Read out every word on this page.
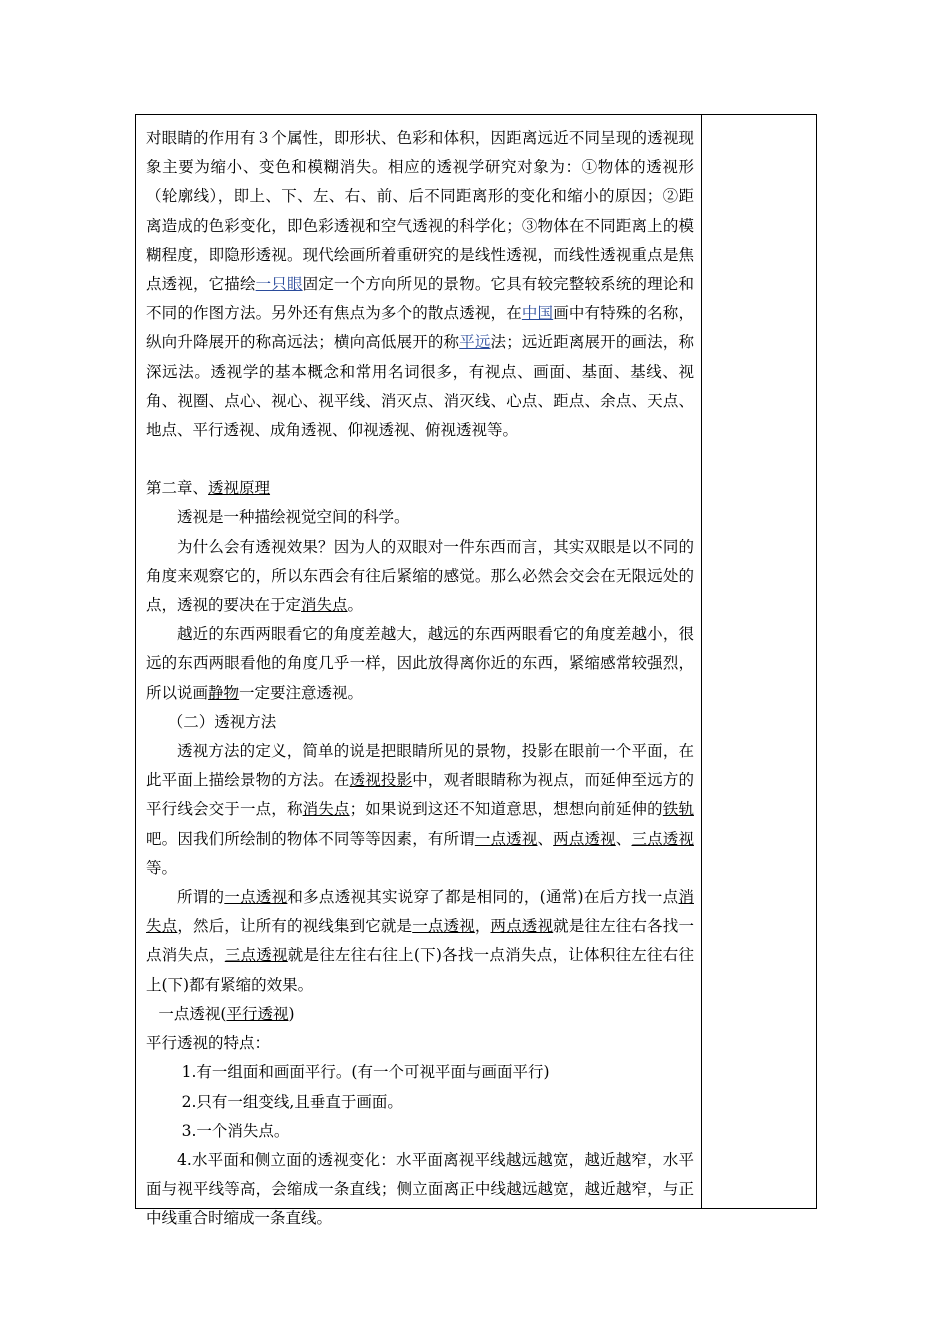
对眼睛的作用有３个属性，即形状、色彩和体积，因距离远近不同呈现的透视现象主要为缩小、变色和模糊消失。相应的透视学研究对象为：①物体的透视形（轮廓线），即上、下、左、右、前、后不同距离形的变化和缩小的原因；②距离造成的色彩变化，即色彩透视和空气透视的科学化；③物体在不同距离上的模糊程度，即隐形透视。现代绘画所着重研究的是线性透视，而线性透视重点是焦点透视，它描绘一只眼固定一个方向所见的景物。它具有较完整较系统的理论和不同的作图方法。另外还有焦点为多个的散点透视，在中国画中有特殊的名称，纵向升降展开的称高远法；横向高低展开的称平远法；远近距离展开的画法，称深远法。透视学的基本概念和常用名词很多，有视点、画面、基面、基线、视角、视圈、点心、视心、视平线、消灭点、消灭线、心点、距点、余点、天点、地点、平行透视、成角透视、仰视透视、俯视透视等。

第二章、透视原理

透视是一种描绘视觉空间的科学。

为什么会有透视效果？因为人的双眼对一件东西而言，其实双眼是以不同的角度来观察它的，所以东西会有往后紧缩的感觉。那么必然会交会在无限远处的点，透视的要决在于定消失点。

越近的东西两眼看它的角度差越大，越远的东西两眼看它的角度差越小，很远的东西两眼看他的角度几乎一样，因此放得离你近的东西，紧缩感常较强烈，所以说画静物一定要注意透视。

（二）透视方法

透视方法的定义，简单的说是把眼睛所见的景物，投影在眼前一个平面，在此平面上描绘景物的方法。在透视投影中，观者眼睛称为视点，而延伸至远方的平行线会交于一点，称消失点；如果说到这还不知道意思，想想向前延伸的铁轨吧。因我们所绘制的物体不同等等因素，有所谓一点透视、两点透视、三点透视等。

所谓的一点透视和多点透视其实说穿了都是相同的，(通常)在后方找一点消失点，然后，让所有的视线集到它就是一点透视，两点透视就是往左往右各找一点消失点，三点透视就是往左往右往上(下)各找一点消失点，让体积往左往右往上(下)都有紧缩的效果。

一点透视(平行透视)

平行透视的特点：

1.有一组面和画面平行。(有一个可视平面与画面平行)

2.只有一组变线,且垂直于画面。

3.一个消失点。

4.水平面和侧立面的透视变化：水平面离视平线越远越宽，越近越窄，水平面与视平线等高，会缩成一条直线；侧立面离正中线越远越宽，越近越窄，与正中线重合时缩成一条直线。
